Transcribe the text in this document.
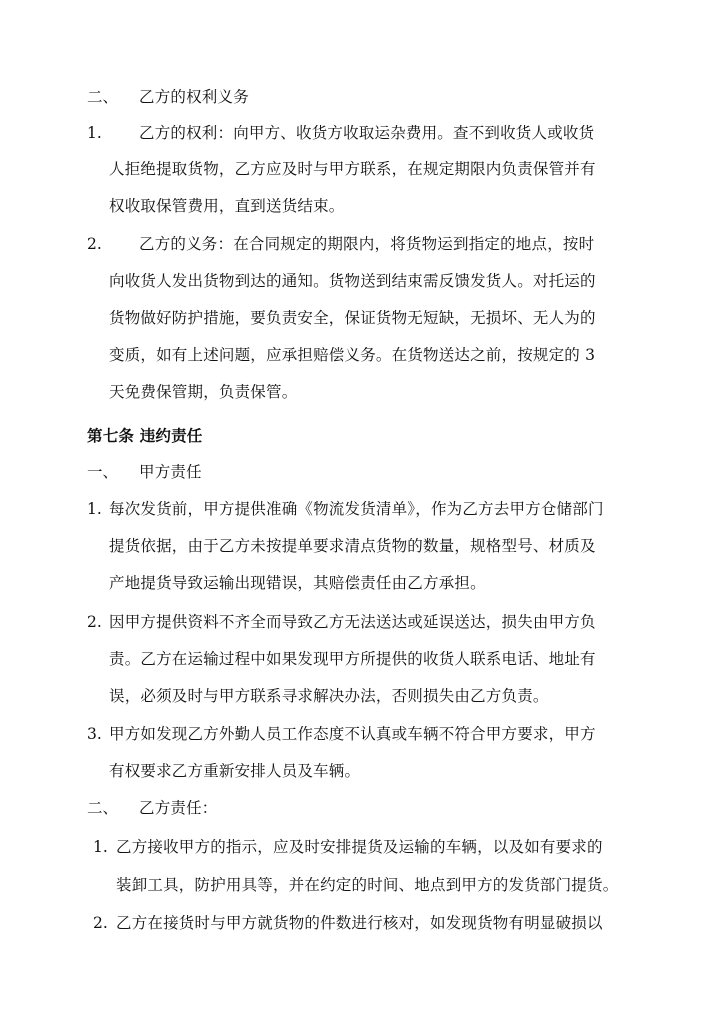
二、 乙方的权利义务
1. 乙方的权利：向甲方、收货方收取运杂费用。查不到收货人或收货
人拒绝提取货物，乙方应及时与甲方联系，在规定期限内负责保管并有
权收取保管费用，直到送货结束。
2. 乙方的义务：在合同规定的期限内，将货物运到指定的地点，按时
向收货人发出货物到达的通知。货物送到结束需反馈发货人。对托运的
货物做好防护措施，要负责安全，保证货物无短缺，无损坏、无人为的
变质，如有上述问题，应承担赔偿义务。在货物送达之前，按规定的 3
天免费保管期，负责保管。
第七条 违约责任
一、 甲方责任
1. 每次发货前，甲方提供准确《物流发货清单》，作为乙方去甲方仓储部门
提货依据，由于乙方未按提单要求清点货物的数量，规格型号、材质及
产地提货导致运输出现错误，其赔偿责任由乙方承担。
2. 因甲方提供资料不齐全而导致乙方无法送达或延误送达，损失由甲方负
责。乙方在运输过程中如果发现甲方所提供的收货人联系电话、地址有
误，必须及时与甲方联系寻求解决办法，否则损失由乙方负责。
3. 甲方如发现乙方外勤人员工作态度不认真或车辆不符合甲方要求，甲方
有权要求乙方重新安排人员及车辆。
二、 乙方责任：
1. 乙方接收甲方的指示，应及时安排提货及运输的车辆，以及如有要求的
装卸工具，防护用具等，并在约定的时间、地点到甲方的发货部门提货。
2. 乙方在接货时与甲方就货物的件数进行核对，如发现货物有明显破损以
